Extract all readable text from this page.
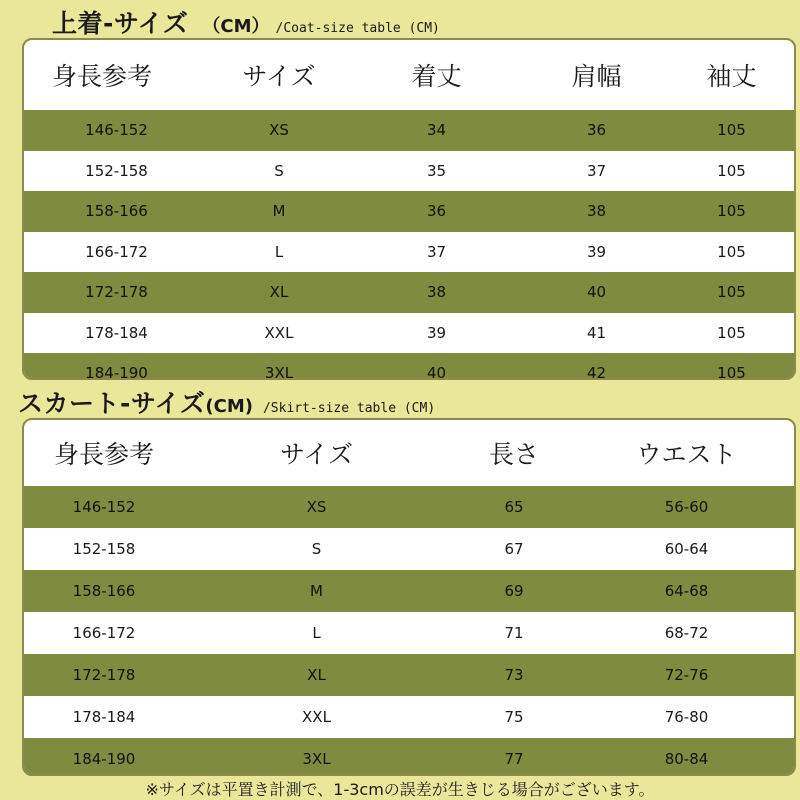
上着-サイズ （CM） /Coat-size table (CM)
身長参考	サイズ	着丈	肩幅	袖丈
146-152	XS	34	36	105
152-158	S	35	37	105
158-166	M	36	38	105
166-172	L	37	39	105
172-178	XL	38	40	105
178-184	XXL	39	41	105
184-190	3XL	40	42	105
スカート-サイズ (CM) /Skirt-size table (CM)
身長参考	サイズ	長さ	ウエスト
146-152	XS	65	56-60
152-158	S	67	60-64
158-166	M	69	64-68
166-172	L	71	68-72
172-178	XL	73	72-76
178-184	XXL	75	76-80
184-190	3XL	77	80-84
※サイズは平置き計測で、1-3cmの誤差が生きじる場合がございます。
